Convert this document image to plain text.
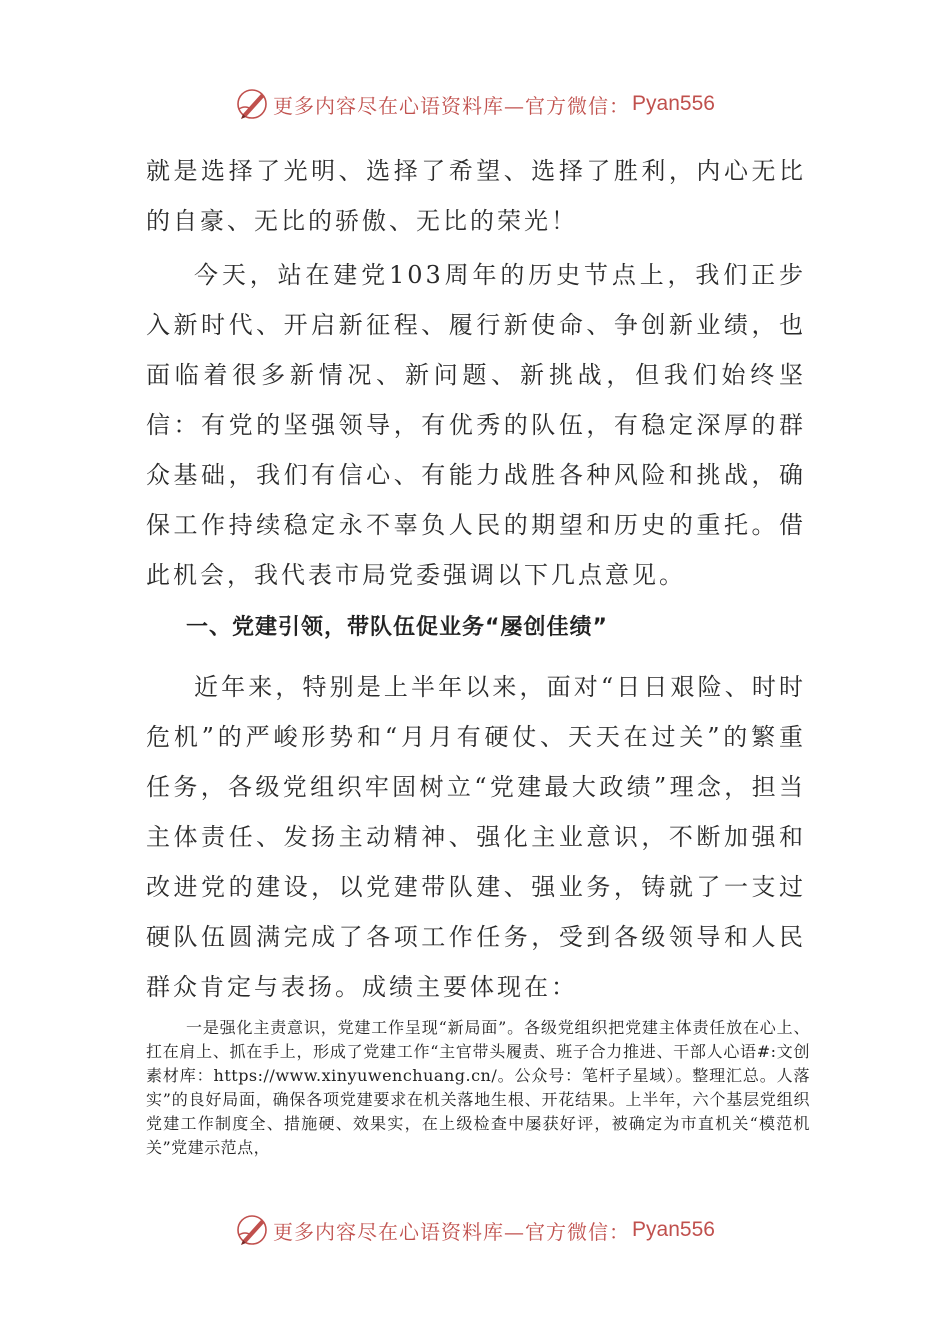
更多内容尽在心语资料库—官方微信： Pyan556

就是选择了光明、选择了希望、选择了胜利，内心无比的自豪、无比的骄傲、无比的荣光！

今天，站在建党103周年的历史节点上，我们正步入新时代、开启新征程、履行新使命、争创新业绩，也面临着很多新情况、新问题、新挑战，但我们始终坚信：有党的坚强领导，有优秀的队伍，有稳定深厚的群众基础，我们有信心、有能力战胜各种风险和挑战，确保工作持续稳定永不辜负人民的期望和历史的重托。借此机会，我代表市局党委强调以下几点意见。

一、党建引领，带队伍促业务“屡创佳绩”

近年来，特别是上半年以来，面对“日日艰险、时时危机”的严峻形势和“月月有硬仗、天天在过关”的繁重任务，各级党组织牢固树立“党建最大政绩”理念，担当主体责任、发扬主动精神、强化主业意识，不断加强和改进党的建设，以党建带队建、强业务，铸就了一支过硬队伍圆满完成了各项工作任务，受到各级领导和人民群众肯定与表扬。成绩主要体现在：

一是强化主责意识，党建工作呈现“新局面”。各级党组织把党建主体责任放在心上、扛在肩上、抓在手上，形成了党建工作“主官带头履责、班子合力推进、干部人心语#:文创素材库：https://www.xinyuwenchuang.cn/。公众号：笔杆子星域）。整理汇总。人落实”的良好局面，确保各项党建要求在机关落地生根、开花结果。上半年，六个基层党组织党建工作制度全、措施硬、效果实，在上级检查中屡获好评，被确定为市直机关“模范机关”党建示范点，

更多内容尽在心语资料库—官方微信： Pyan556
